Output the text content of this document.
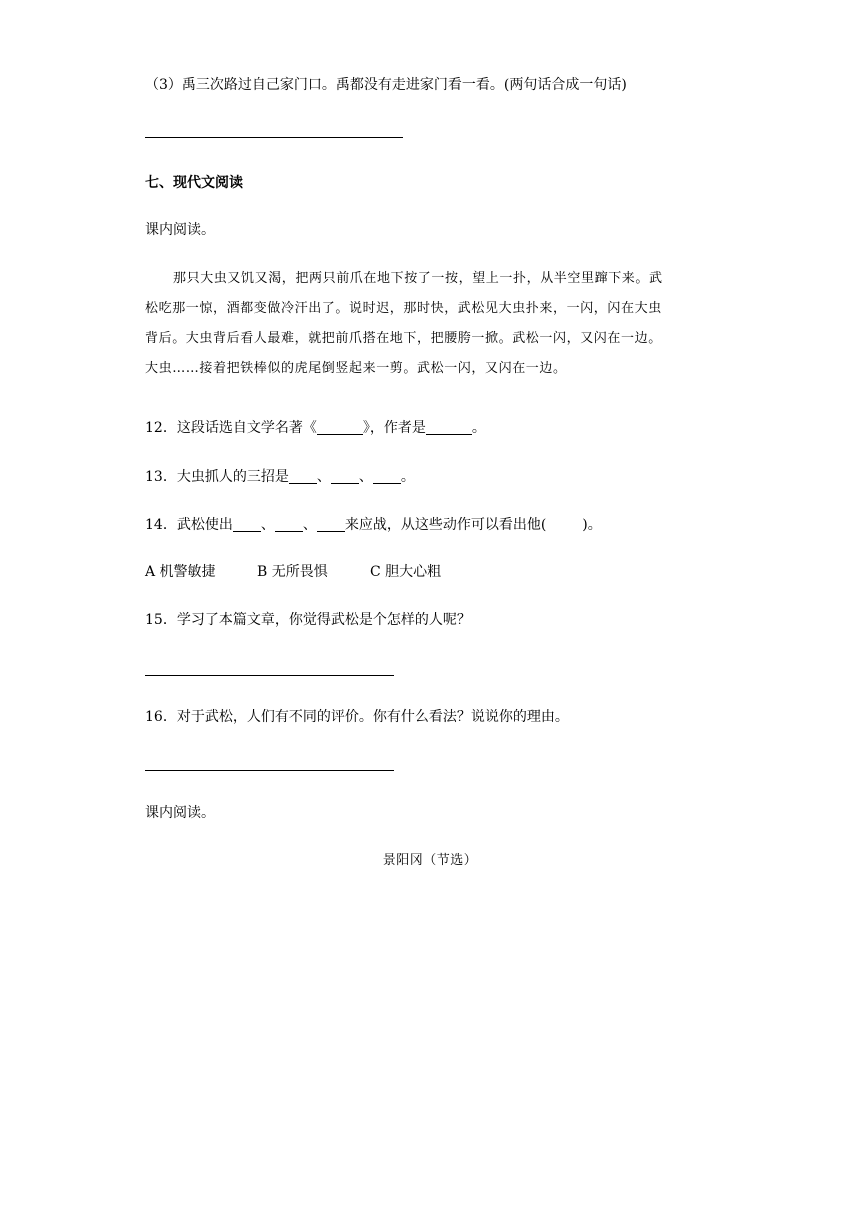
（3）禹三次路过自己家门口。禹都没有走进家门看一看。(两句话合成一句话)
七、现代文阅读
课内阅读。
那只大虫又饥又渴，把两只前爪在地下按了一按，望上一扑，从半空里蹿下来。武
松吃那一惊，酒都变做冷汗出了。说时迟，那时快，武松见大虫扑来，一闪，闪在大虫
背后。大虫背后看人最难，就把前爪搭在地下，把腰胯一掀。武松一闪，又闪在一边。
大虫……接着把铁棒似的虎尾倒竖起来一剪。武松一闪，又闪在一边。
12．这段话选自文学名著《	》，作者是	。
13．大虫抓人的三招是 、 、 。
14．武松使出 、 、 来应战，从这些动作可以看出他(	)。
A 机警敏捷	B 无所畏惧	C 胆大心粗
15．学习了本篇文章，你觉得武松是个怎样的人呢？
16．对于武松，人们有不同的评价。你有什么看法？说说你的理由。
课内阅读。
景阳冈（节选）
